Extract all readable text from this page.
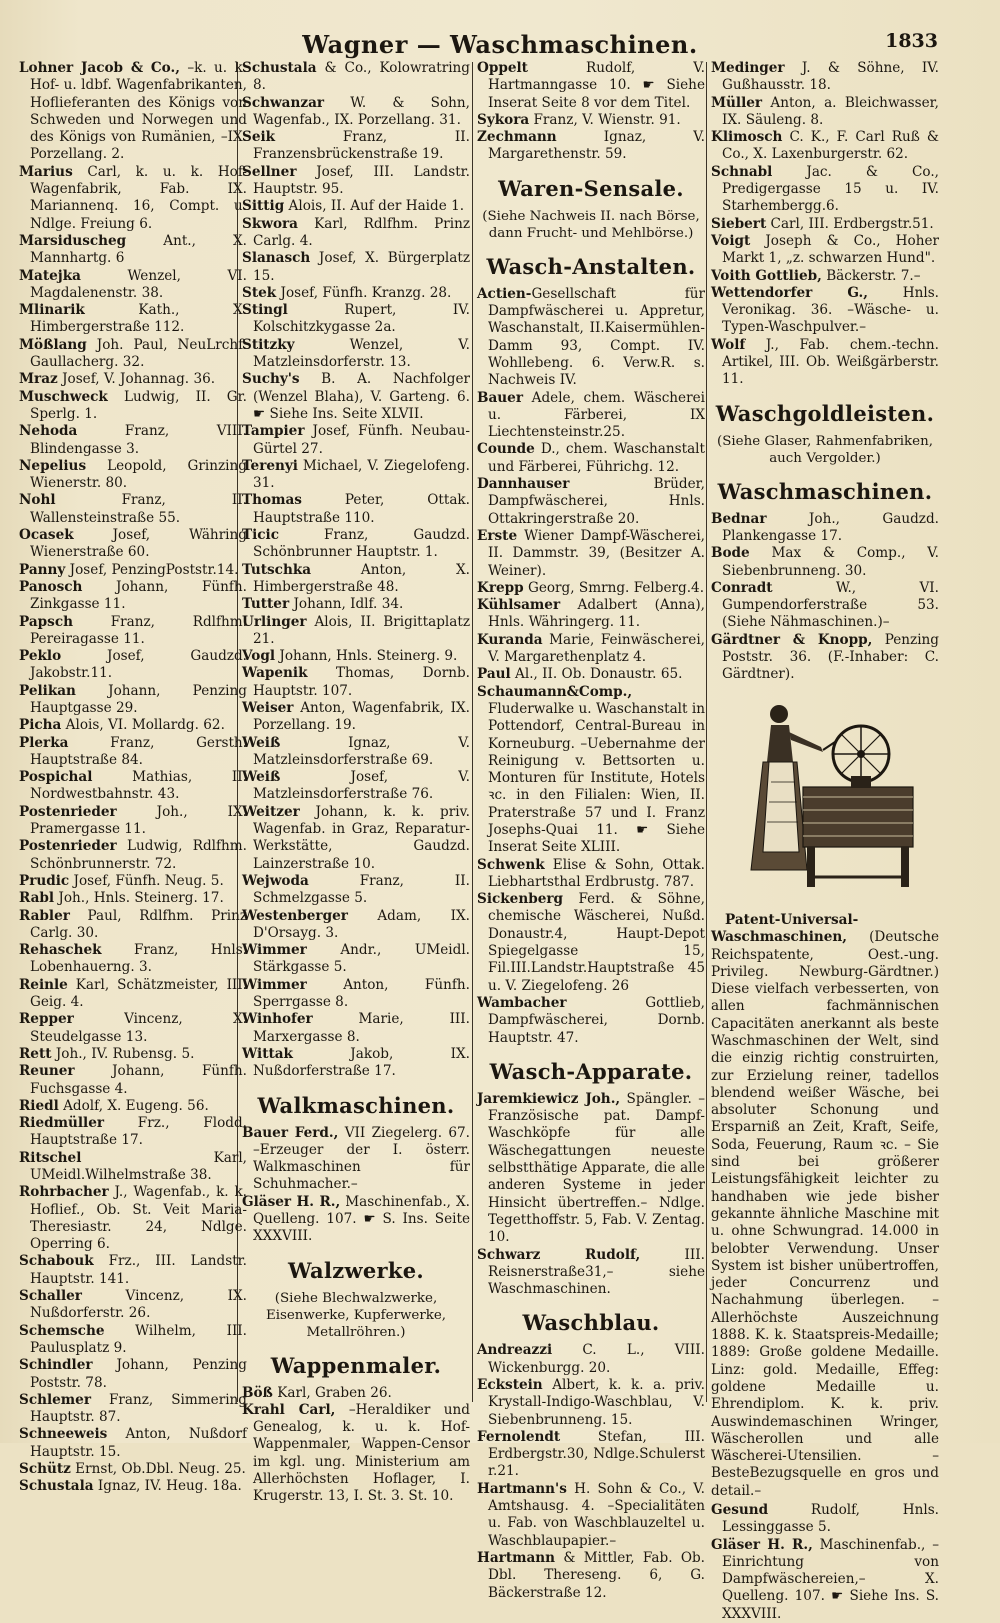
Wagner — Waschmaschinen.	1833

Lohner Jacob & Co., –k. u. k. Hof- u. ldbf. Wagenfabrikanten, Hoflieferanten des Königs von Schweden und Norwegen und des Königs von Rumänien, –IX. Porzellang. 2.

Marius Carl, k. u. k. Hof-Wagenfabrik, Fab. IX. Mariannenq. 16, Compt. u. Ndlge. Freiung 6.

Marsiduscheg Ant., X. Mannhartg. 6

Matejka Wenzel, VI. Magdalenenstr. 38.

Mlinarik Kath., X. Himbergerstraße 112.

Mößlang Joh. Paul, NeuLrchf. Gaullacherg. 32.

Mraz Josef, V. Johannag. 36.

Muschweck Ludwig, II. Gr. Sperlg. 1.

Nehoda Franz, VIII. Blindengasse 3.

Nepelius Leopold, Grinzing Wienerstr. 80.

Nohl Franz, II. Wallensteinstraße 55.

Ocasek Josef, Währing Wienerstraße 60.

Panny Josef, PenzingPoststr.14.

Panosch Johann, Fünfh. Zinkgasse 11.

Papsch Franz, Rdlfhm. Pereiragasse 11.

Peklo Josef, Gaudzd. Jakobstr.11.

Pelikan Johann, Penzing Hauptgasse 29.

Picha Alois, VI. Mollardg. 62.

Plerka Franz, Gersth. Hauptstraße 84.

Pospichal Mathias, II. Nordwestbahnstr. 43.

Postenrieder Joh., IX. Pramergasse 11.

Postenrieder Ludwig, Rdlfhm. Schönbrunnerstr. 72.

Prudic Josef, Fünfh. Neug. 5.

Rabl Joh., Hnls. Steinerg. 17.

Rabler Paul, Rdlfhm. Prinz Carlg. 30.

Rehaschek Franz, Hnls. Lobenhauerng. 3.

Reinle Karl, Schätzmeister, III. Geig. 4.

Repper Vincenz, X. Steudelgasse 13.

Rett Joh., IV. Rubensg. 5.

Reuner Johann, Fünfh. Fuchsgasse 4.

Riedl Adolf, X. Eugeng. 56.

Riedmüller Frz., Flodd. Hauptstraße 17.

Ritschel Karl, UMeidl.Wilhelmstraße 38.

Rohrbacher J., Wagenfab., k. k. Hoflief., Ob. St. Veit Maria-Theresiastr. 24, Ndlge. Operring 6.

Schabouk Frz., III. Landstr. Hauptstr. 141.

Schaller Vincenz, IX. Nußdorferstr. 26.

Schemsche Wilhelm, III. Paulusplatz 9.

Schindler Johann, Penzing Poststr. 78.

Schlemer Franz, Simmering Hauptstr. 87.

Schneeweis Anton, Nußdorf Hauptstr. 15.

Schütz Ernst, Ob.Dbl. Neug. 25.

Schustala Ignaz, IV. Heug. 18a.

Schustala & Co., Kolowratring 8.

Schwanzar W. & Sohn, Wagenfab., IX. Porzellang. 31.

Seik Franz, II. Franzensbrückenstraße 19.

Sellner Josef, III. Landstr. Hauptstr. 95.

Sittig Alois, II. Auf der Haide 1.

Skwora Karl, Rdlfhm. Prinz Carlg. 4.

Slanasch Josef, X. Bürgerplatz 15.

Stek Josef, Fünfh. Kranzg. 28.

Stingl Rupert, IV. Kolschitzkygasse 2a.

Stitzky Wenzel, V. Matzleinsdorferstr. 13.

Suchy's B. A. Nachfolger (Wenzel Blaha), V. Garteng. 6. ☛ Siehe Ins. Seite XLVII.

Tampier Josef, Fünfh. Neubau-Gürtel 27.

Terenyi Michael, V. Ziegelofeng. 31.

Thomas Peter, Ottak. Hauptstraße 110.

Ticic Franz, Gaudzd. Schönbrunner Hauptstr. 1.

Tutschka Anton, X. Himbergerstraße 48.

Tutter Johann, Idlf. 34.

Urlinger Alois, II. Brigittaplatz 21.

Vogl Johann, Hnls. Steinerg. 9.

Wapenik Thomas, Dornb. Hauptstr. 107.

Weiser Anton, Wagenfabrik, IX. Porzellang. 19.

Weiß Ignaz, V. Matzleinsdorferstraße 69.

Weiß Josef, V. Matzleinsdorferstraße 76.

Weitzer Johann, k. k. priv. Wagenfab. in Graz, Reparatur-Werkstätte, Gaudzd. Lainzerstraße 10.

Wejwoda Franz, II. Schmelzgasse 5.

Westenberger Adam, IX. D'Orsayg. 3.

Wimmer Andr., UMeidl. Stärkgasse 5.

Wimmer Anton, Fünfh. Sperrgasse 8.

Winhofer Marie, III. Marxergasse 8.

Wittak Jakob, IX. Nußdorferstraße 17.

Walkmaschinen.

Bauer Ferd., VII Ziegelerg. 67. –Erzeuger der I. österr. Walkmaschinen für Schuhmacher.–

Gläser H. R., Maschinenfab., X. Quelleng. 107. ☛ S. Ins. Seite XXXVIII.

Walzwerke.
(Siehe Blechwalzwerke, Eisenwerke, Kupferwerke, Metallröhren.)
Wappenmaler.

Böß Karl, Graben 26.

Krahl Carl, –Heraldiker und Genealog, k. u. k. Hof-Wappenmaler, Wappen-Censor im kgl. ung. Ministerium am Allerhöchsten Hoflager, I. Krugerstr. 13, I. St. 3. St. 10.

Oppelt Rudolf, V. Hartmanngasse 10. ☛ Siehe Inserat Seite 8 vor dem Titel.

Sykora Franz, V. Wienstr. 91.

Zechmann Ignaz, V. Margarethenstr. 59.

Waren-Sensale.
(Siehe Nachweis II. nach Börse, dann Frucht- und Mehlbörse.)
Wasch-Anstalten.

Actien-Gesellschaft für Dampfwäscherei u. Appretur, Waschanstalt, II.Kaisermühlen-Damm 93, Compt. IV. Wohllebeng. 6. Verw.R. s. Nachweis IV.

Bauer Adele, chem. Wäscherei u. Färberei, IX Liechtensteinstr.25.

Counde D., chem. Waschanstalt und Färberei, Führichg. 12.

Dannhauser Brüder, Dampfwäscherei, Hnls. Ottakringerstraße 20.

Erste Wiener Dampf-Wäscherei, II. Dammstr. 39, (Besitzer A. Weiner).

Krepp Georg, Smrng. Felberg.4.

Kühlsamer Adalbert (Anna), Hnls. Währingerg. 11.

Kuranda Marie, Feinwäscherei, V. Margarethenplatz 4.

Paul Al., II. Ob. Donaustr. 65.

Schaumann&Comp., Fluderwalke u. Waschanstalt in Pottendorf, Central-Bureau in Korneuburg. –Uebernahme der Reinigung v. Bettsorten u. Monturen für Institute, Hotels ꝛc. in den Filialen: Wien, II. Praterstraße 57 und I. Franz Josephs-Quai 11. ☛ Siehe Inserat Seite XLIII.

Schwenk Elise & Sohn, Ottak. Liebhartsthal Erdbrustg. 787.

Sickenberg Ferd. & Söhne, chemische Wäscherei, Nußd. Donaustr.4, Haupt-Depot Spiegelgasse 15, Fil.III.Landstr.Hauptstraße 45 u. V. Ziegelofeng. 26

Wambacher Gottlieb, Dampfwäscherei, Dornb. Hauptstr. 47.

Wasch-Apparate.

Jaremkiewicz Joh., Spängler. –Französische pat. Dampf-Waschköpfe für alle Wäschegattungen neueste selbstthätige Apparate, die alle anderen Systeme in jeder Hinsicht übertreffen.– Ndlge. Tegetthoffstr. 5, Fab. V. Zentag. 10.

Schwarz Rudolf, III. Reisnerstraße31,– siehe Waschmaschinen.

Waschblau.

Andreazzi C. L., VIII. Wickenburgg. 20.

Eckstein Albert, k. k. a. priv. Krystall-Indigo-Waschblau, V. Siebenbrunneng. 15.

Fernolendt Stefan, III. Erdbergstr.30, Ndlge.Schulerst r.21.

Hartmann's H. Sohn & Co., V. Amtshausg. 4. –Specialitäten u. Fab. von Waschblauzeltel u. Waschblaupapier.–

Hartmann & Mittler, Fab. Ob. Dbl. Thereseng. 6, G. Bäckerstraße 12.

Medinger J. & Söhne, IV. Gußhausstr. 18.

Müller Anton, a. Bleichwasser, IX. Säuleng. 8.

Klimosch C. K., F. Carl Ruß & Co., X. Laxenburgerstr. 62.

Schnabl Jac. & Co., Predigergasse 15 u. IV. Starhembergg.6.

Siebert Carl, III. Erdbergstr.51.

Voigt Joseph & Co., Hoher Markt 1, „z. schwarzen Hund".

Voith Gottlieb, Bäckerstr. 7.–

Wettendorfer G., Hnls. Veronikag. 36. –Wäsche- u. Typen-Waschpulver.–

Wolf J., Fab. chem.-techn. Artikel, III. Ob. Weißgärberstr. 11.

Waschgoldleisten.
(Siehe Glaser, Rahmenfabriken, auch Vergolder.)
Waschmaschinen.

Bednar Joh., Gaudzd. Plankengasse 17.

Bode Max & Comp., V. Siebenbrunneng. 30.

Conradt W., VI. Gumpendorferstraße 53. (Siehe Nähmaschinen.)–

Gärdtner & Knopp, Penzing Poststr. 36. (F.-Inhaber: C. Gärdtner).

Patent-Universal-Waschmaschinen, (Deutsche Reichspatente, Oest.-ung. Privileg. Newburg-Gärdtner.) Diese vielfach verbesserten, von allen fachmännischen Capacitäten anerkannt als beste Waschmaschinen der Welt, sind die einzig richtig construirten, zur Erzielung reiner, tadellos blendend weißer Wäsche, bei absoluter Schonung und Ersparniß an Zeit, Kraft, Seife, Soda, Feuerung, Raum ꝛc. – Sie sind bei größerer Leistungsfähigkeit leichter zu handhaben wie jede bisher gekannte ähnliche Maschine mit u. ohne Schwungrad. 14.000 in belobter Verwendung. Unser System ist bisher unübertroffen, jeder Concurrenz und Nachahmung überlegen. – Allerhöchste Auszeichnung 1888. K. k. Staatspreis-Medaille; 1889: Große goldene Medaille. Linz: gold. Medaille, Effeg: goldene Medaille u. Ehrendiplom. K. k. priv. Auswindemaschinen Wringer, Wäscherollen und alle Wäscherei-Utensilien. – BesteBezugsquelle en gros und detail.–

Gesund Rudolf, Hnls. Lessinggasse 5.

Gläser H. R., Maschinenfab., –Einrichtung von Dampfwäschereien,– X. Quelleng. 107. ☛ Siehe Ins. S. XXXVIII.
